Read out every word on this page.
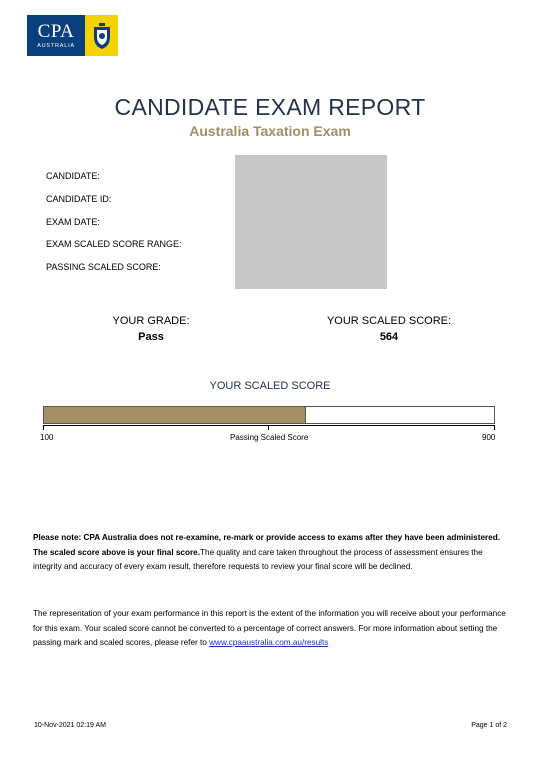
CPA
AUSTRALIA
CANDIDATE EXAM REPORT
Australia Taxation Exam
CANDIDATE:
CANDIDATE ID:
EXAM DATE:
EXAM SCALED SCORE RANGE:
PASSING SCALED SCORE:
YOUR GRADE:
Pass
YOUR SCALED SCORE:
564
YOUR SCALED SCORE
100	Passing Scaled Score	900
Please note: CPA Australia does not re-examine, re-mark or provide access to exams after they have been administered. The scaled score above is your final score.The quality and care taken throughout the process of assessment ensures the integrity and accuracy of every exam result, therefore requests to review your final score will be declined.
The representation of your exam performance in this report is the extent of the information you will receive about your performance for this exam. Your scaled score cannot be converted to a percentage of correct answers. For more information about setting the passing mark and scaled scores, please refer to www.cpaaustralia.com.au/results
10-Nov-2021 02:19 AM	Page 1 of 2
